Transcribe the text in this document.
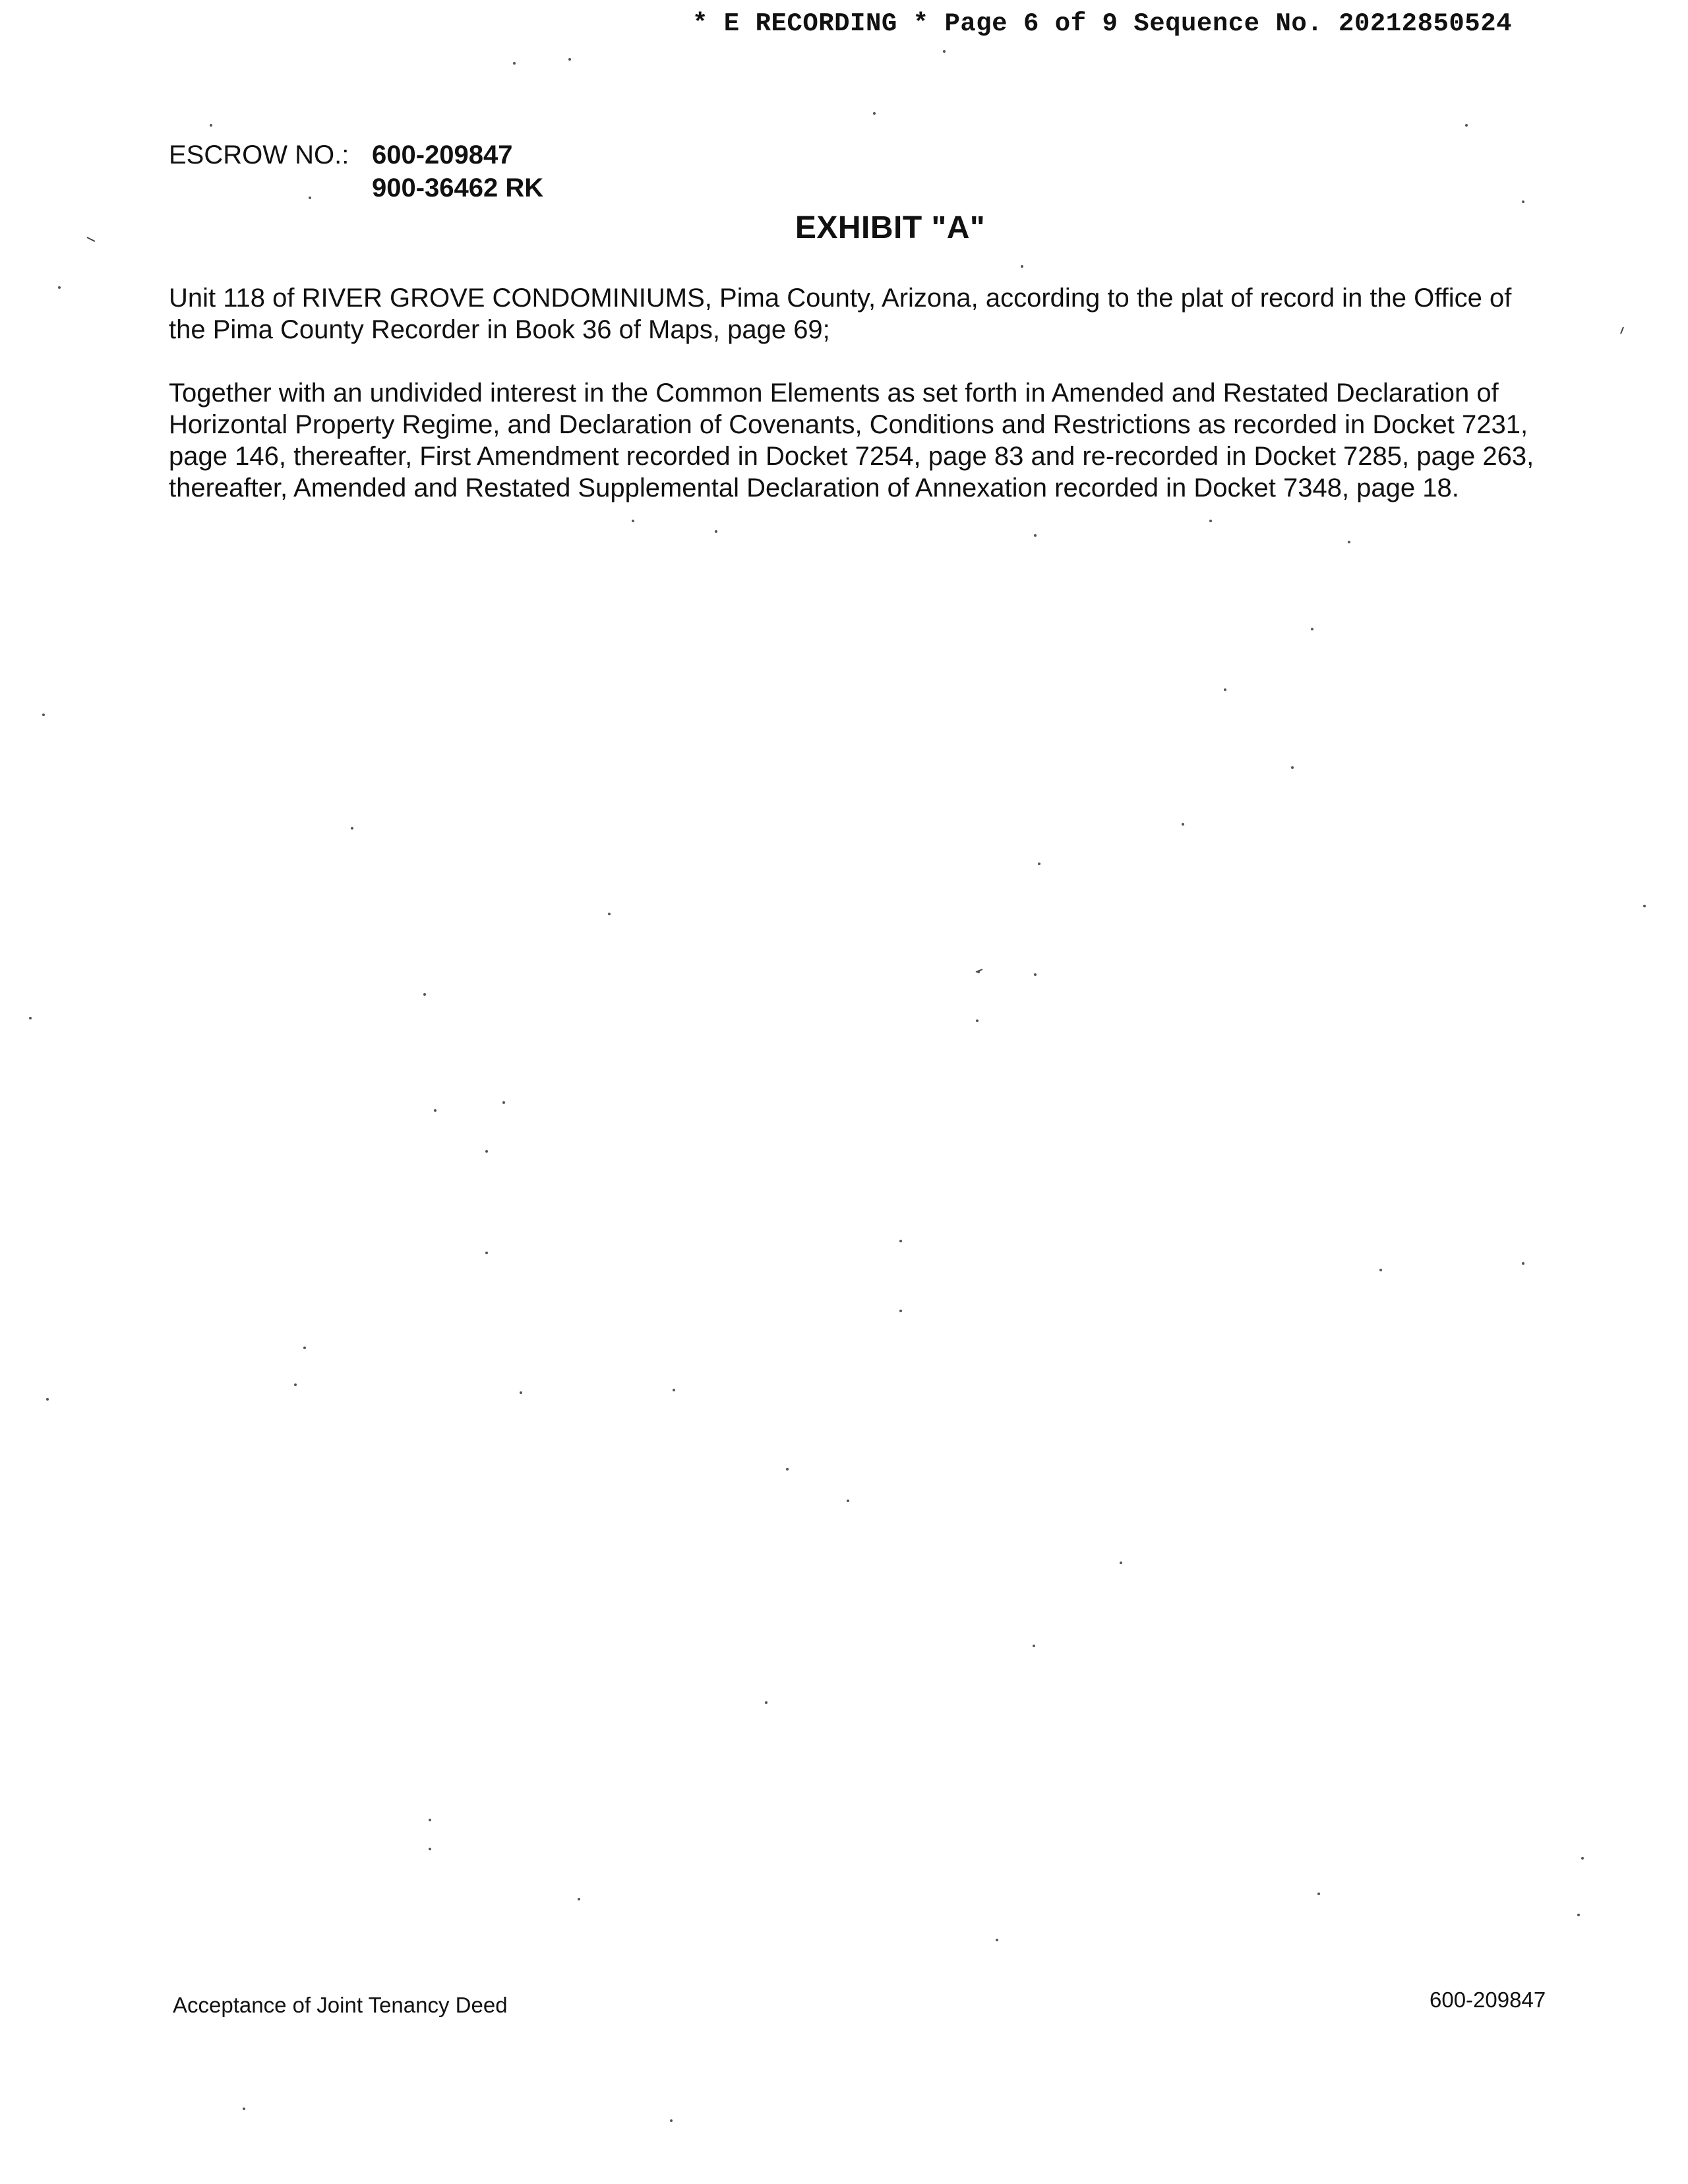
* E RECORDING * Page 6 of 9 Sequence No. 20212850524
ESCROW NO.: 600-209847
900-36462 RK
EXHIBIT "A"

Unit 118 of RIVER GROVE CONDOMINIUMS, Pima County, Arizona, according to the plat of record in the Office of the Pima County Recorder in Book 36 of Maps, page 69;

Together with an undivided interest in the Common Elements as set forth in Amended and Restated Declaration of Horizontal Property Regime, and Declaration of Covenants, Conditions and Restrictions as recorded in Docket 7231, page 146, thereafter, First Amendment recorded in Docket 7254, page 83 and re-recorded in Docket 7285, page 263, thereafter, Amended and Restated Supplemental Declaration of Annexation recorded in Docket 7348, page 18.

Acceptance of Joint Tenancy Deed	600-209847
